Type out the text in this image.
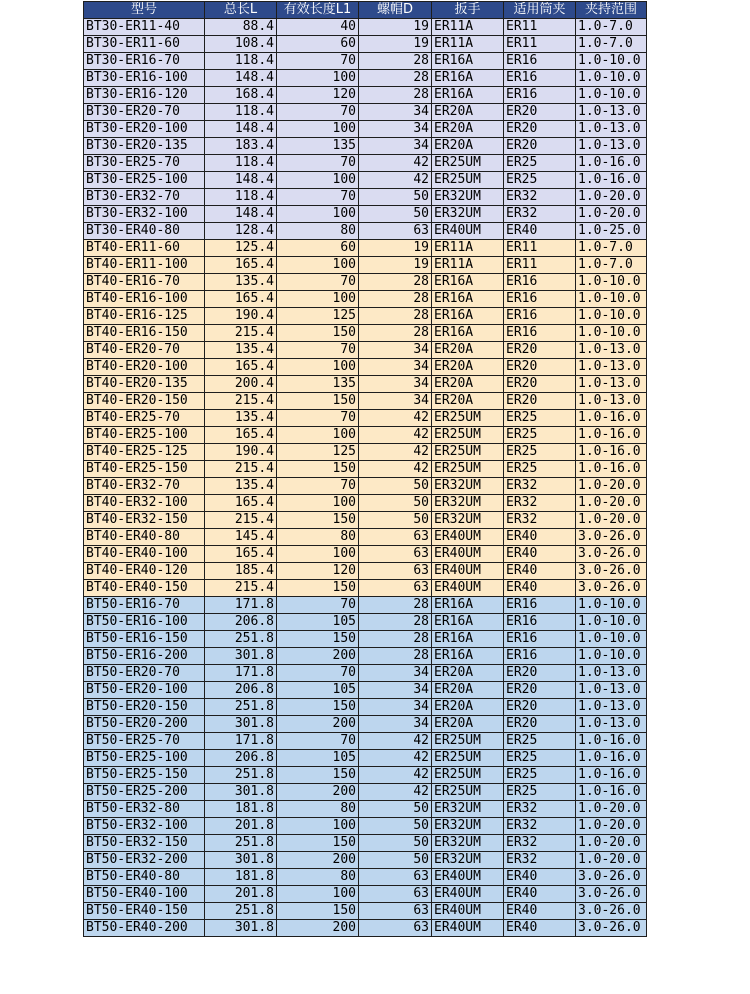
型号	总长L	有效长度L1	螺帽D	扳手	适用筒夹	夹持范围
BT30-ER11-40	88.4	40	19	ER11A	ER11	1.0-7.0
BT30-ER11-60	108.4	60	19	ER11A	ER11	1.0-7.0
BT30-ER16-70	118.4	70	28	ER16A	ER16	1.0-10.0
BT30-ER16-100	148.4	100	28	ER16A	ER16	1.0-10.0
BT30-ER16-120	168.4	120	28	ER16A	ER16	1.0-10.0
BT30-ER20-70	118.4	70	34	ER20A	ER20	1.0-13.0
BT30-ER20-100	148.4	100	34	ER20A	ER20	1.0-13.0
BT30-ER20-135	183.4	135	34	ER20A	ER20	1.0-13.0
BT30-ER25-70	118.4	70	42	ER25UM	ER25	1.0-16.0
BT30-ER25-100	148.4	100	42	ER25UM	ER25	1.0-16.0
BT30-ER32-70	118.4	70	50	ER32UM	ER32	1.0-20.0
BT30-ER32-100	148.4	100	50	ER32UM	ER32	1.0-20.0
BT30-ER40-80	128.4	80	63	ER40UM	ER40	1.0-25.0
BT40-ER11-60	125.4	60	19	ER11A	ER11	1.0-7.0
BT40-ER11-100	165.4	100	19	ER11A	ER11	1.0-7.0
BT40-ER16-70	135.4	70	28	ER16A	ER16	1.0-10.0
BT40-ER16-100	165.4	100	28	ER16A	ER16	1.0-10.0
BT40-ER16-125	190.4	125	28	ER16A	ER16	1.0-10.0
BT40-ER16-150	215.4	150	28	ER16A	ER16	1.0-10.0
BT40-ER20-70	135.4	70	34	ER20A	ER20	1.0-13.0
BT40-ER20-100	165.4	100	34	ER20A	ER20	1.0-13.0
BT40-ER20-135	200.4	135	34	ER20A	ER20	1.0-13.0
BT40-ER20-150	215.4	150	34	ER20A	ER20	1.0-13.0
BT40-ER25-70	135.4	70	42	ER25UM	ER25	1.0-16.0
BT40-ER25-100	165.4	100	42	ER25UM	ER25	1.0-16.0
BT40-ER25-125	190.4	125	42	ER25UM	ER25	1.0-16.0
BT40-ER25-150	215.4	150	42	ER25UM	ER25	1.0-16.0
BT40-ER32-70	135.4	70	50	ER32UM	ER32	1.0-20.0
BT40-ER32-100	165.4	100	50	ER32UM	ER32	1.0-20.0
BT40-ER32-150	215.4	150	50	ER32UM	ER32	1.0-20.0
BT40-ER40-80	145.4	80	63	ER40UM	ER40	3.0-26.0
BT40-ER40-100	165.4	100	63	ER40UM	ER40	3.0-26.0
BT40-ER40-120	185.4	120	63	ER40UM	ER40	3.0-26.0
BT40-ER40-150	215.4	150	63	ER40UM	ER40	3.0-26.0
BT50-ER16-70	171.8	70	28	ER16A	ER16	1.0-10.0
BT50-ER16-100	206.8	105	28	ER16A	ER16	1.0-10.0
BT50-ER16-150	251.8	150	28	ER16A	ER16	1.0-10.0
BT50-ER16-200	301.8	200	28	ER16A	ER16	1.0-10.0
BT50-ER20-70	171.8	70	34	ER20A	ER20	1.0-13.0
BT50-ER20-100	206.8	105	34	ER20A	ER20	1.0-13.0
BT50-ER20-150	251.8	150	34	ER20A	ER20	1.0-13.0
BT50-ER20-200	301.8	200	34	ER20A	ER20	1.0-13.0
BT50-ER25-70	171.8	70	42	ER25UM	ER25	1.0-16.0
BT50-ER25-100	206.8	105	42	ER25UM	ER25	1.0-16.0
BT50-ER25-150	251.8	150	42	ER25UM	ER25	1.0-16.0
BT50-ER25-200	301.8	200	42	ER25UM	ER25	1.0-16.0
BT50-ER32-80	181.8	80	50	ER32UM	ER32	1.0-20.0
BT50-ER32-100	201.8	100	50	ER32UM	ER32	1.0-20.0
BT50-ER32-150	251.8	150	50	ER32UM	ER32	1.0-20.0
BT50-ER32-200	301.8	200	50	ER32UM	ER32	1.0-20.0
BT50-ER40-80	181.8	80	63	ER40UM	ER40	3.0-26.0
BT50-ER40-100	201.8	100	63	ER40UM	ER40	3.0-26.0
BT50-ER40-150	251.8	150	63	ER40UM	ER40	3.0-26.0
BT50-ER40-200	301.8	200	63	ER40UM	ER40	3.0-26.0
